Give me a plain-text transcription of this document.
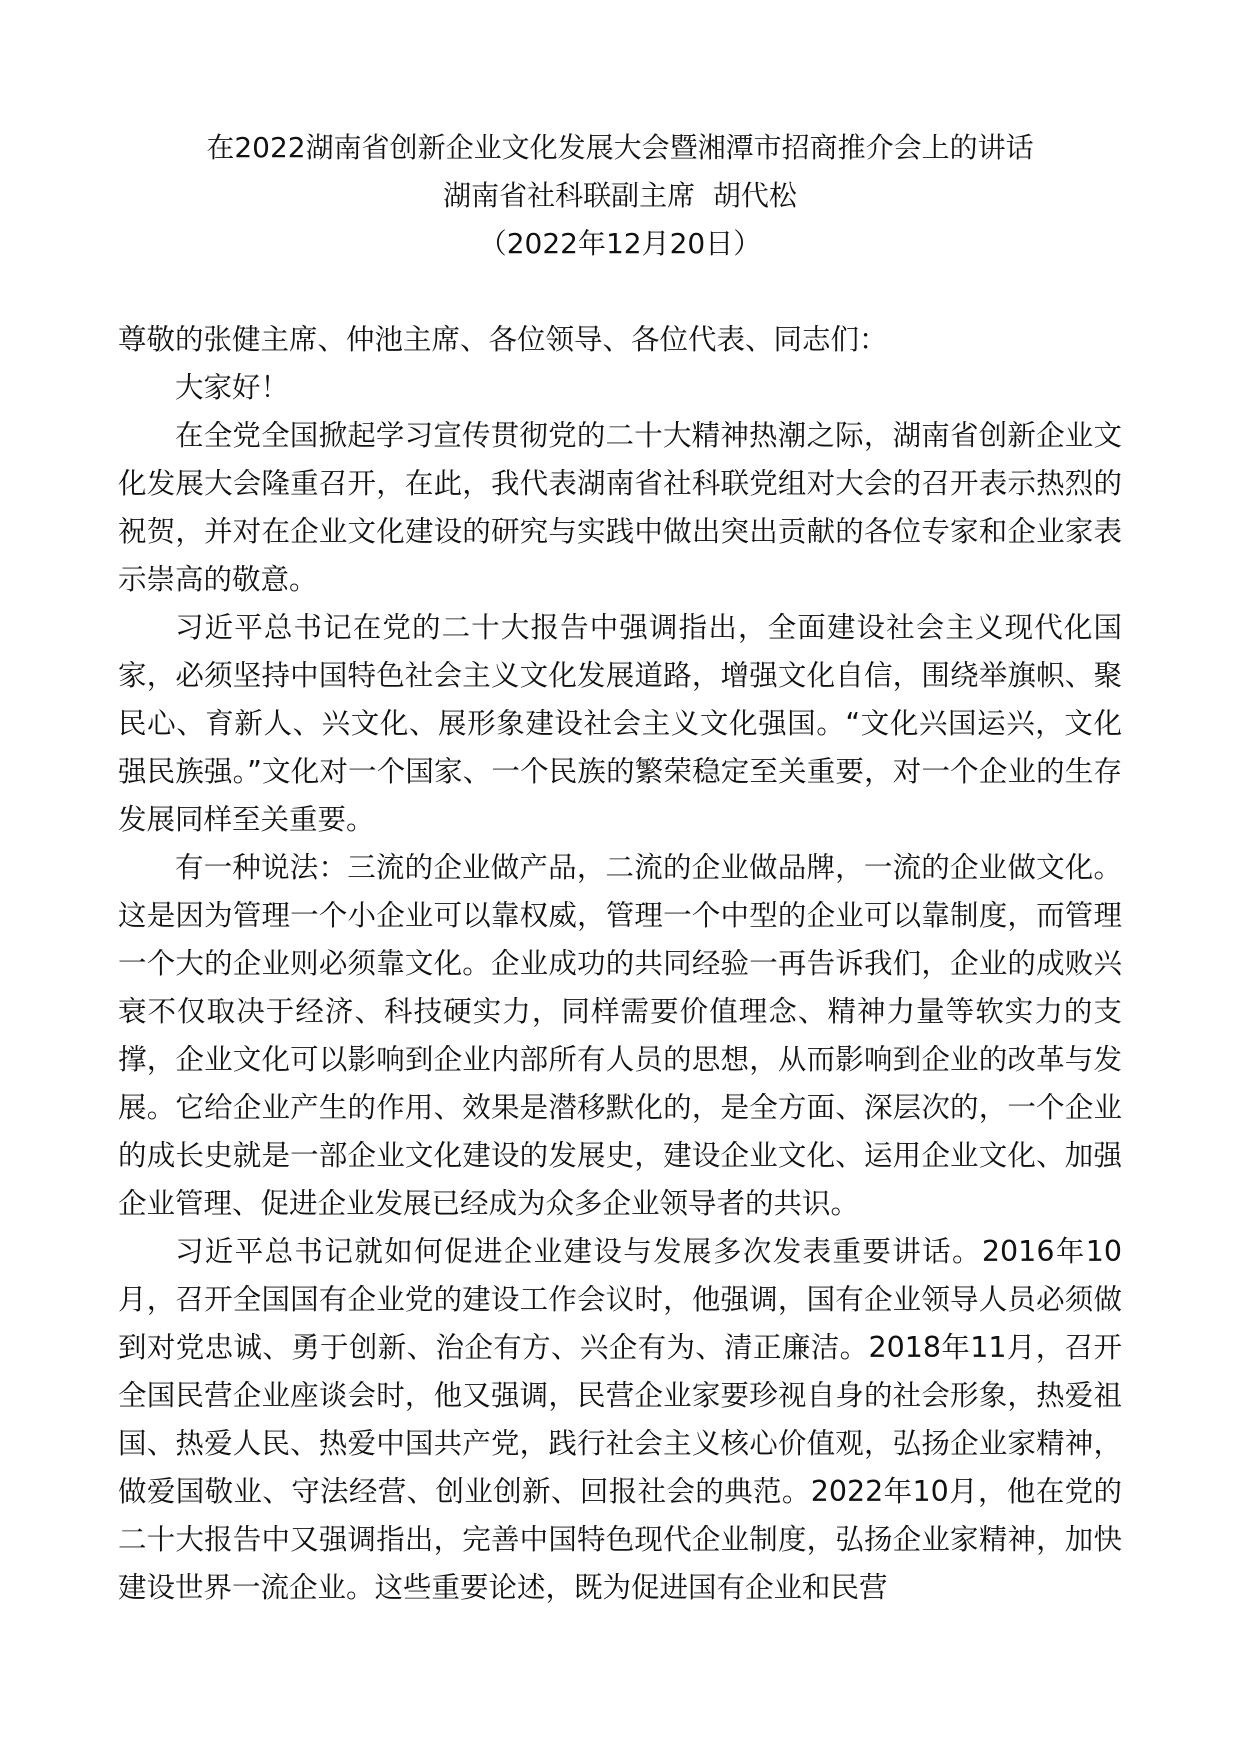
在2022湖南省创新企业文化发展大会暨湘潭市招商推介会上的讲话
湖南省社科联副主席  胡代松
（2022年12月20日）

尊敬的张健主席、仲池主席、各位领导、各位代表、同志们：

大家好！

在全党全国掀起学习宣传贯彻党的二十大精神热潮之际，湖南省创新企业文化发展大会隆重召开，在此，我代表湖南省社科联党组对大会的召开表示热烈的祝贺，并对在企业文化建设的研究与实践中做出突出贡献的各位专家和企业家表示崇高的敬意。

习近平总书记在党的二十大报告中强调指出，全面建设社会主义现代化国家，必须坚持中国特色社会主义文化发展道路，增强文化自信，围绕举旗帜、聚民心、育新人、兴文化、展形象建设社会主义文化强国。“文化兴国运兴，文化强民族强。”文化对一个国家、一个民族的繁荣稳定至关重要，对一个企业的生存发展同样至关重要。

有一种说法：三流的企业做产品，二流的企业做品牌，一流的企业做文化。这是因为管理一个小企业可以靠权威，管理一个中型的企业可以靠制度，而管理一个大的企业则必须靠文化。企业成功的共同经验一再告诉我们，企业的成败兴衰不仅取决于经济、科技硬实力，同样需要价值理念、精神力量等软实力的支撑，企业文化可以影响到企业内部所有人员的思想，从而影响到企业的改革与发展。它给企业产生的作用、效果是潜移默化的，是全方面、深层次的，一个企业的成长史就是一部企业文化建设的发展史，建设企业文化、运用企业文化、加强企业管理、促进企业发展已经成为众多企业领导者的共识。

习近平总书记就如何促进企业建设与发展多次发表重要讲话。2016年10月，召开全国国有企业党的建设工作会议时，他强调，国有企业领导人员必须做到对党忠诚、勇于创新、治企有方、兴企有为、清正廉洁。2018年11月，召开全国民营企业座谈会时，他又强调，民营企业家要珍视自身的社会形象，热爱祖国、热爱人民、热爱中国共产党，践行社会主义核心价值观，弘扬企业家精神，做爱国敬业、守法经营、创业创新、回报社会的典范。2022年10月，他在党的二十大报告中又强调指出，完善中国特色现代企业制度，弘扬企业家精神，加快建设世界一流企业。这些重要论述，既为促进国有企业和民营
